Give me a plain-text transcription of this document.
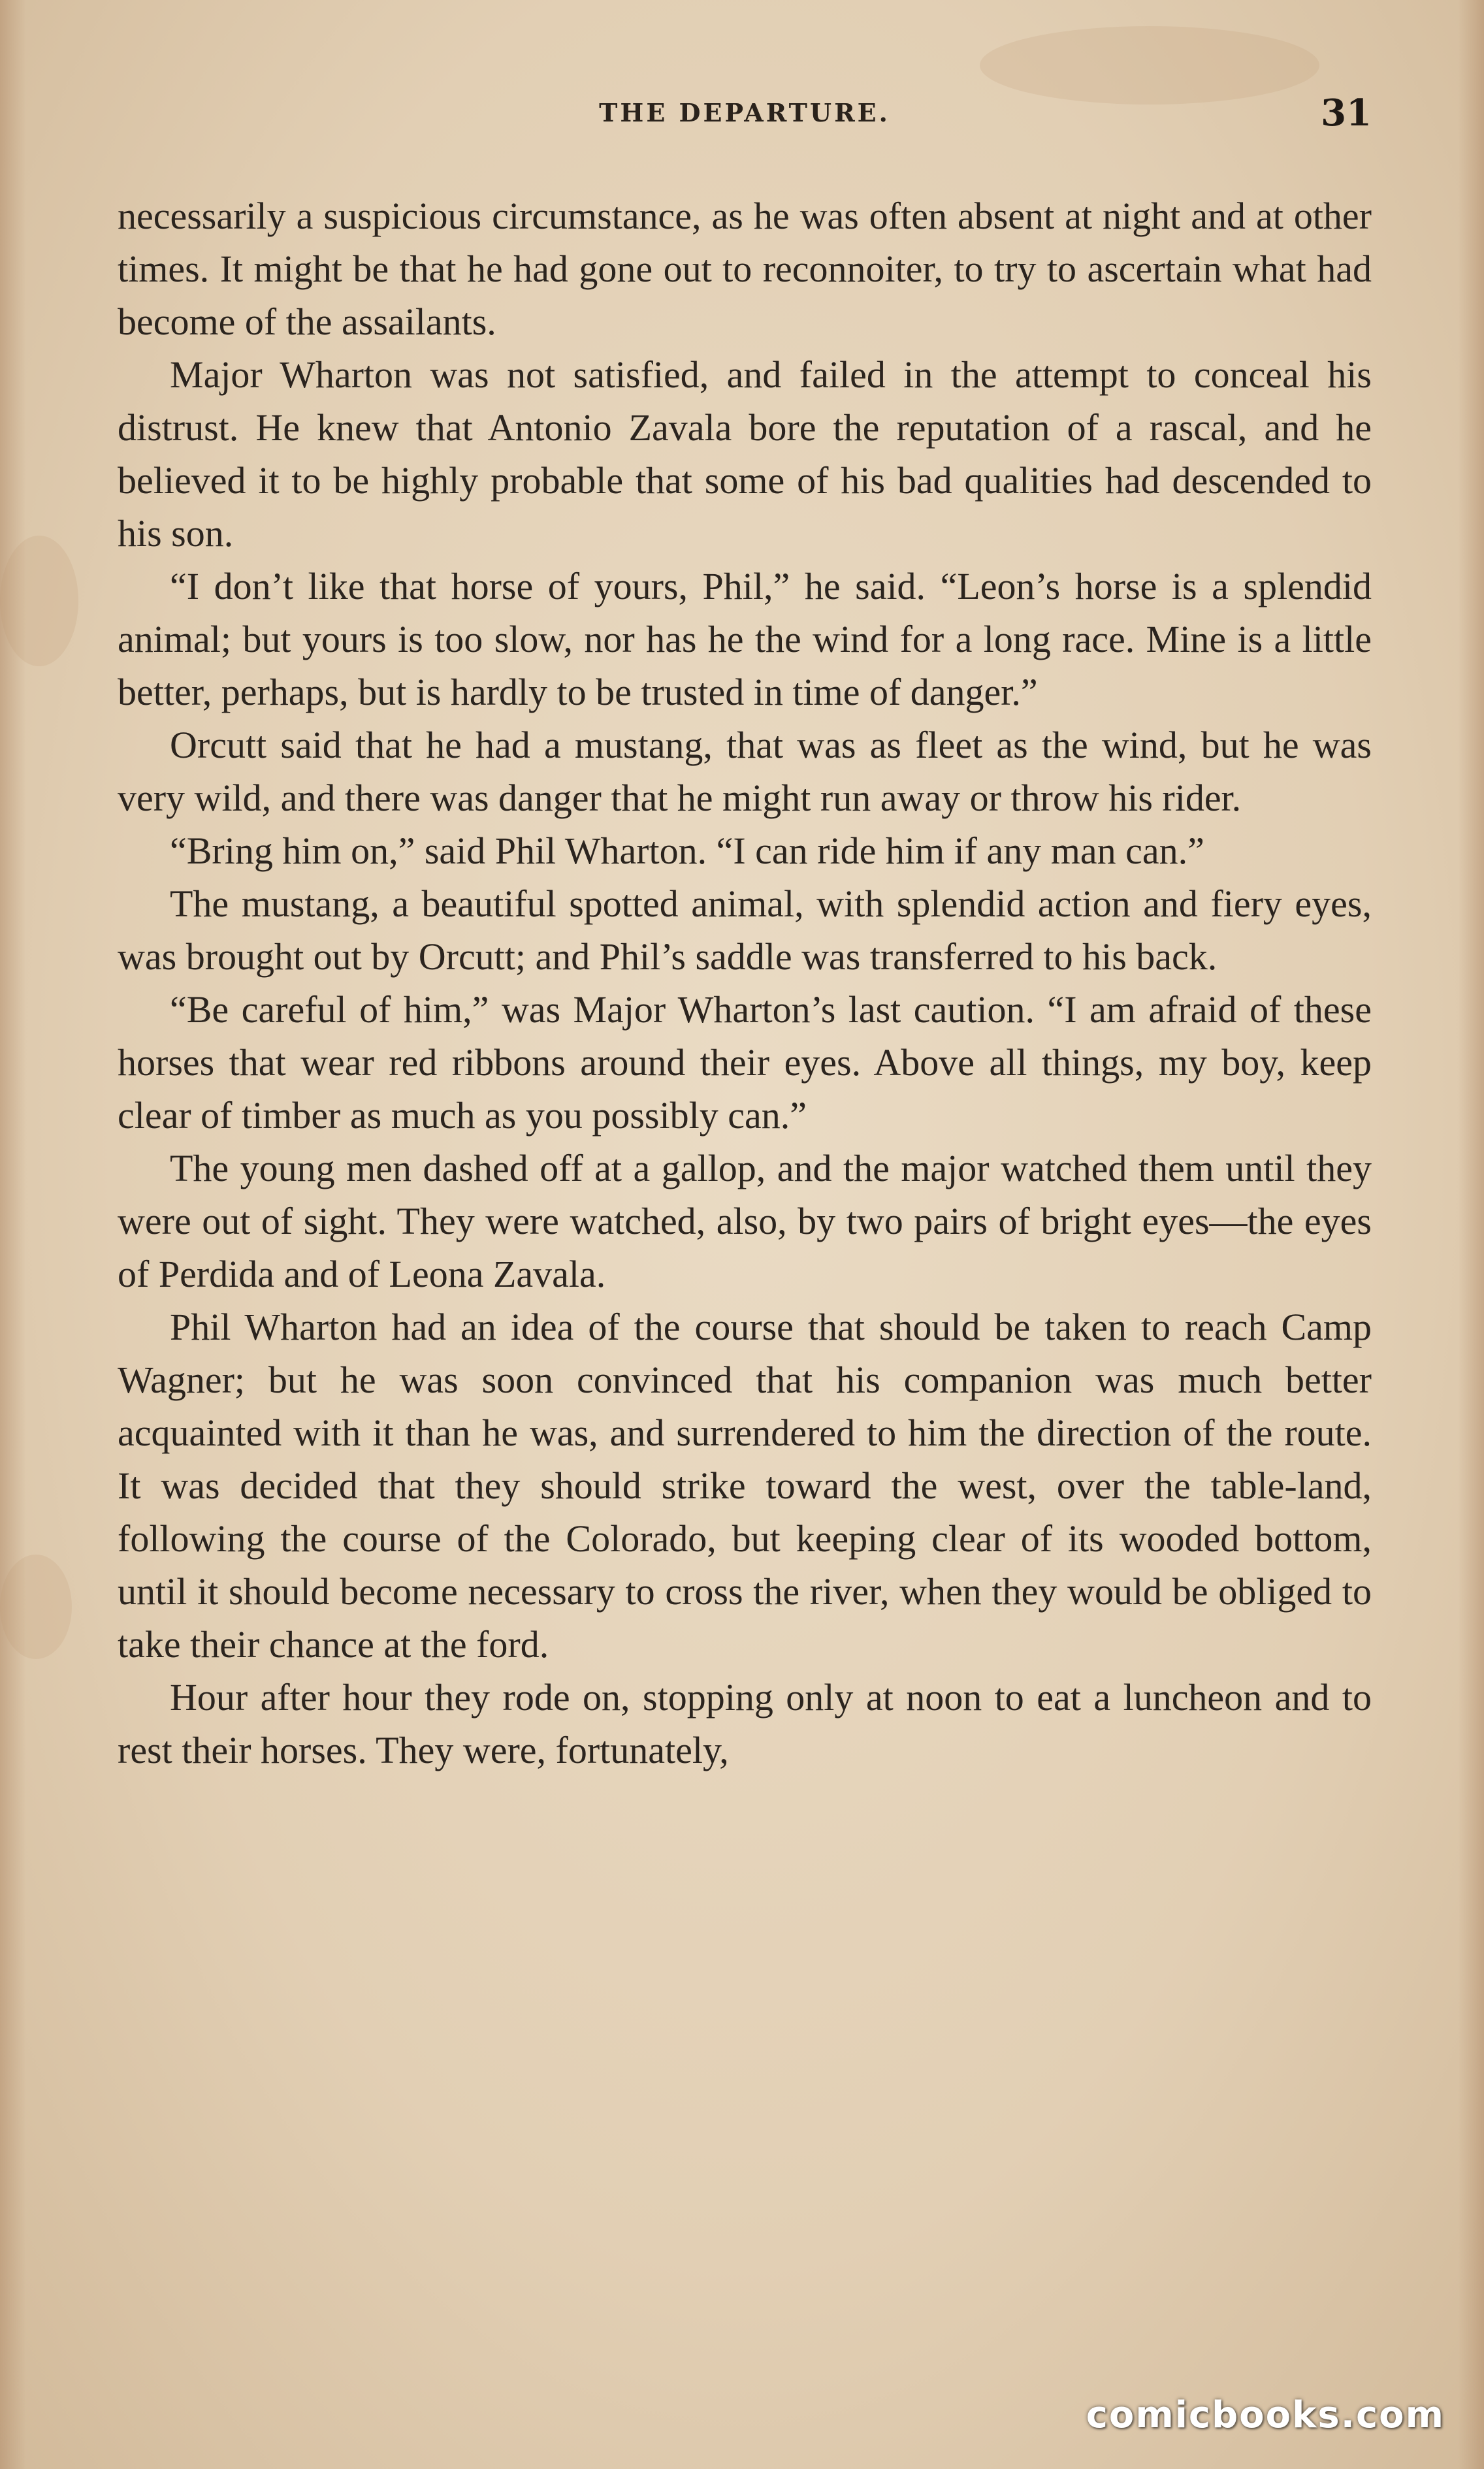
THE DEPARTURE.	31

necessarily a suspicious circumstance, as he was often absent at night and at other times. It might be that he had gone out to reconnoiter, to try to ascertain what had become of the assailants.

Major Wharton was not satisfied, and failed in the attempt to conceal his distrust. He knew that Antonio Zavala bore the reputation of a rascal, and he believed it to be highly probable that some of his bad qualities had descended to his son.

“I don’t like that horse of yours, Phil,” he said. “Leon’s horse is a splendid animal; but yours is too slow, nor has he the wind for a long race. Mine is a little better, perhaps, but is hardly to be trusted in time of danger.”

Orcutt said that he had a mustang, that was as fleet as the wind, but he was very wild, and there was danger that he might run away or throw his rider.

“Bring him on,” said Phil Wharton. “I can ride him if any man can.”

The mustang, a beautiful spotted animal, with splendid action and fiery eyes, was brought out by Orcutt; and Phil’s saddle was transferred to his back.

“Be careful of him,” was Major Wharton’s last caution. “I am afraid of these horses that wear red ribbons around their eyes. Above all things, my boy, keep clear of timber as much as you possibly can.”

The young men dashed off at a gallop, and the major watched them until they were out of sight. They were watched, also, by two pairs of bright eyes—the eyes of Perdida and of Leona Zavala.

Phil Wharton had an idea of the course that should be taken to reach Camp Wagner; but he was soon convinced that his companion was much better acquainted with it than he was, and surrendered to him the direction of the route. It was decided that they should strike toward the west, over the table-land, following the course of the Colorado, but keeping clear of its wooded bottom, until it should become necessary to cross the river, when they would be obliged to take their chance at the ford.

Hour after hour they rode on, stopping only at noon to eat a luncheon and to rest their horses. They were, fortunately,

comicbooks.com
